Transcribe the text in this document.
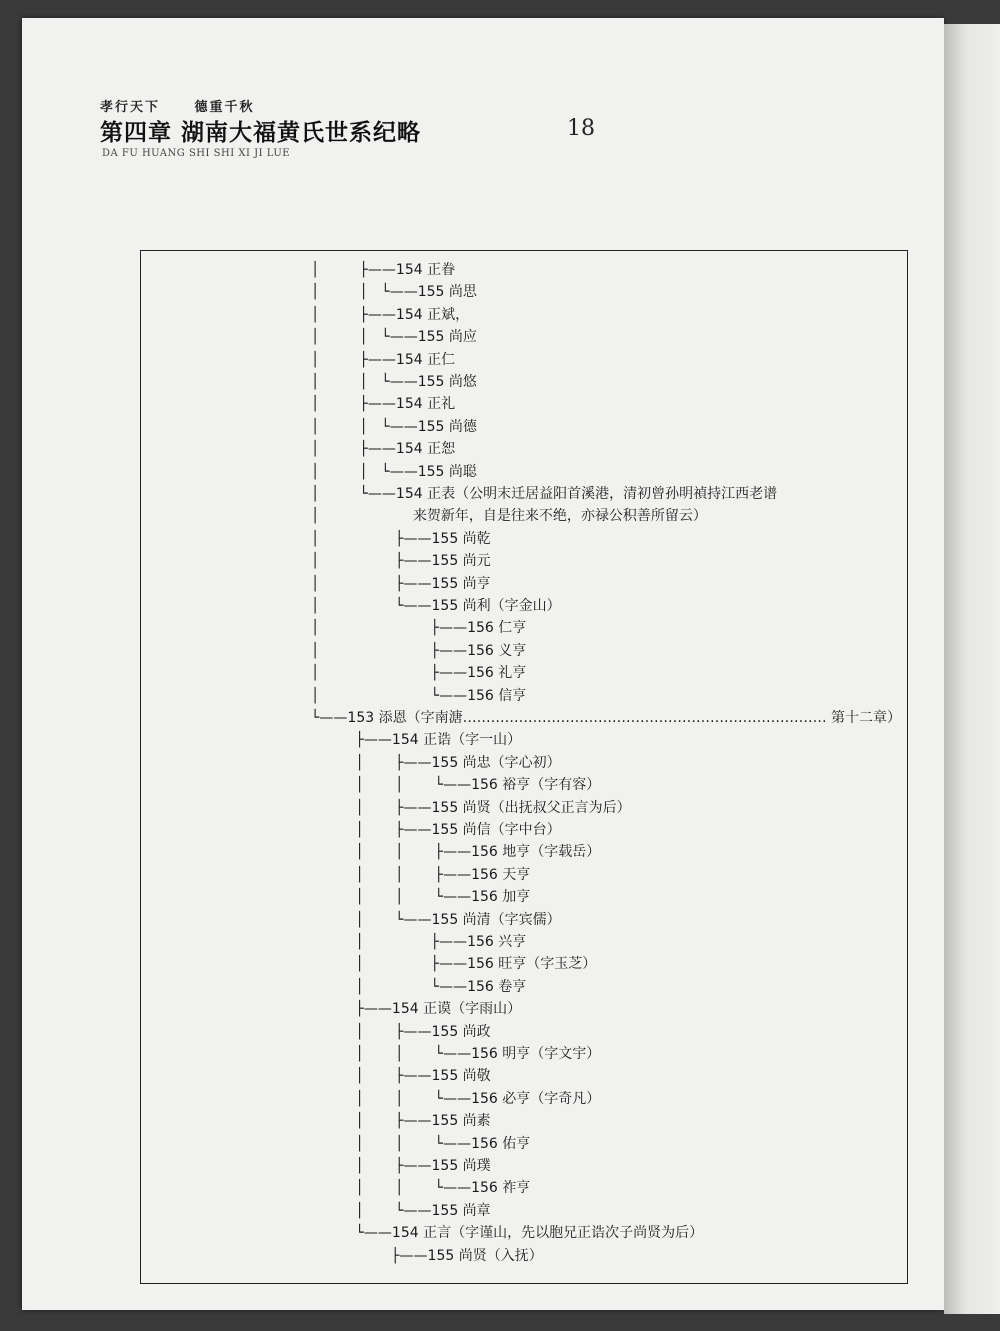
孝行天下	德重千秋
第四章 湖南大福黄氏世系纪略	18
DA FU HUANG SHI SHI XI JI LUE
│         ├——154 正眷
│         │   └——155 尚思
│         ├——154 正斌，
│         │   └——155 尚应
│         ├——154 正仁
│         │   └——155 尚悠
│         ├——154 正礼
│         │   └——155 尚德
│         ├——154 正恕
│         │   └——155 尚聪
│         └——154 正表（公明末迁居益阳首溪港，清初曾孙明禎持江西老谱
│                     来贺新年，自是往来不绝，亦禄公积善所留云）
│                 ├——155 尚乾
│                 ├——155 尚元
│                 ├——155 尚亨
│                 └——155 尚利（字金山）
│                         ├——156 仁亨
│                         ├——156 义亨
│                         ├——156 礼亨
│                         └——156 信亨
└——153 添恩（字南溏…………………………………………………………………… 第十二章）
├——154 正诰（字一山）
│       ├——155 尚忠（字心初）
│       │       └——156 裕亨（字有容）
│       ├——155 尚贤（出抚叔父正言为后）
│       ├——155 尚信（字中台）
│       │       ├——156 地亨（字载岳）
│       │       ├——156 天亨
│       │       └——156 加亨
│       └——155 尚清（字宾儒）
│               ├——156 兴亨
│               ├——156 旺亨（字玉芝）
│               └——156 卷亨
├——154 正谟（字雨山）
│       ├——155 尚政
│       │       └——156 明亨（字文宇）
│       ├——155 尚敬
│       │       └——156 必亨（字奇凡）
│       ├——155 尚素
│       │       └——156 佑亨
│       ├——155 尚璞
│       │       └——156 祚亨
│       └——155 尚章
└——154 正言（字谨山，先以胞兄正诰次子尚贤为后）
├——155 尚贤（入抚）
